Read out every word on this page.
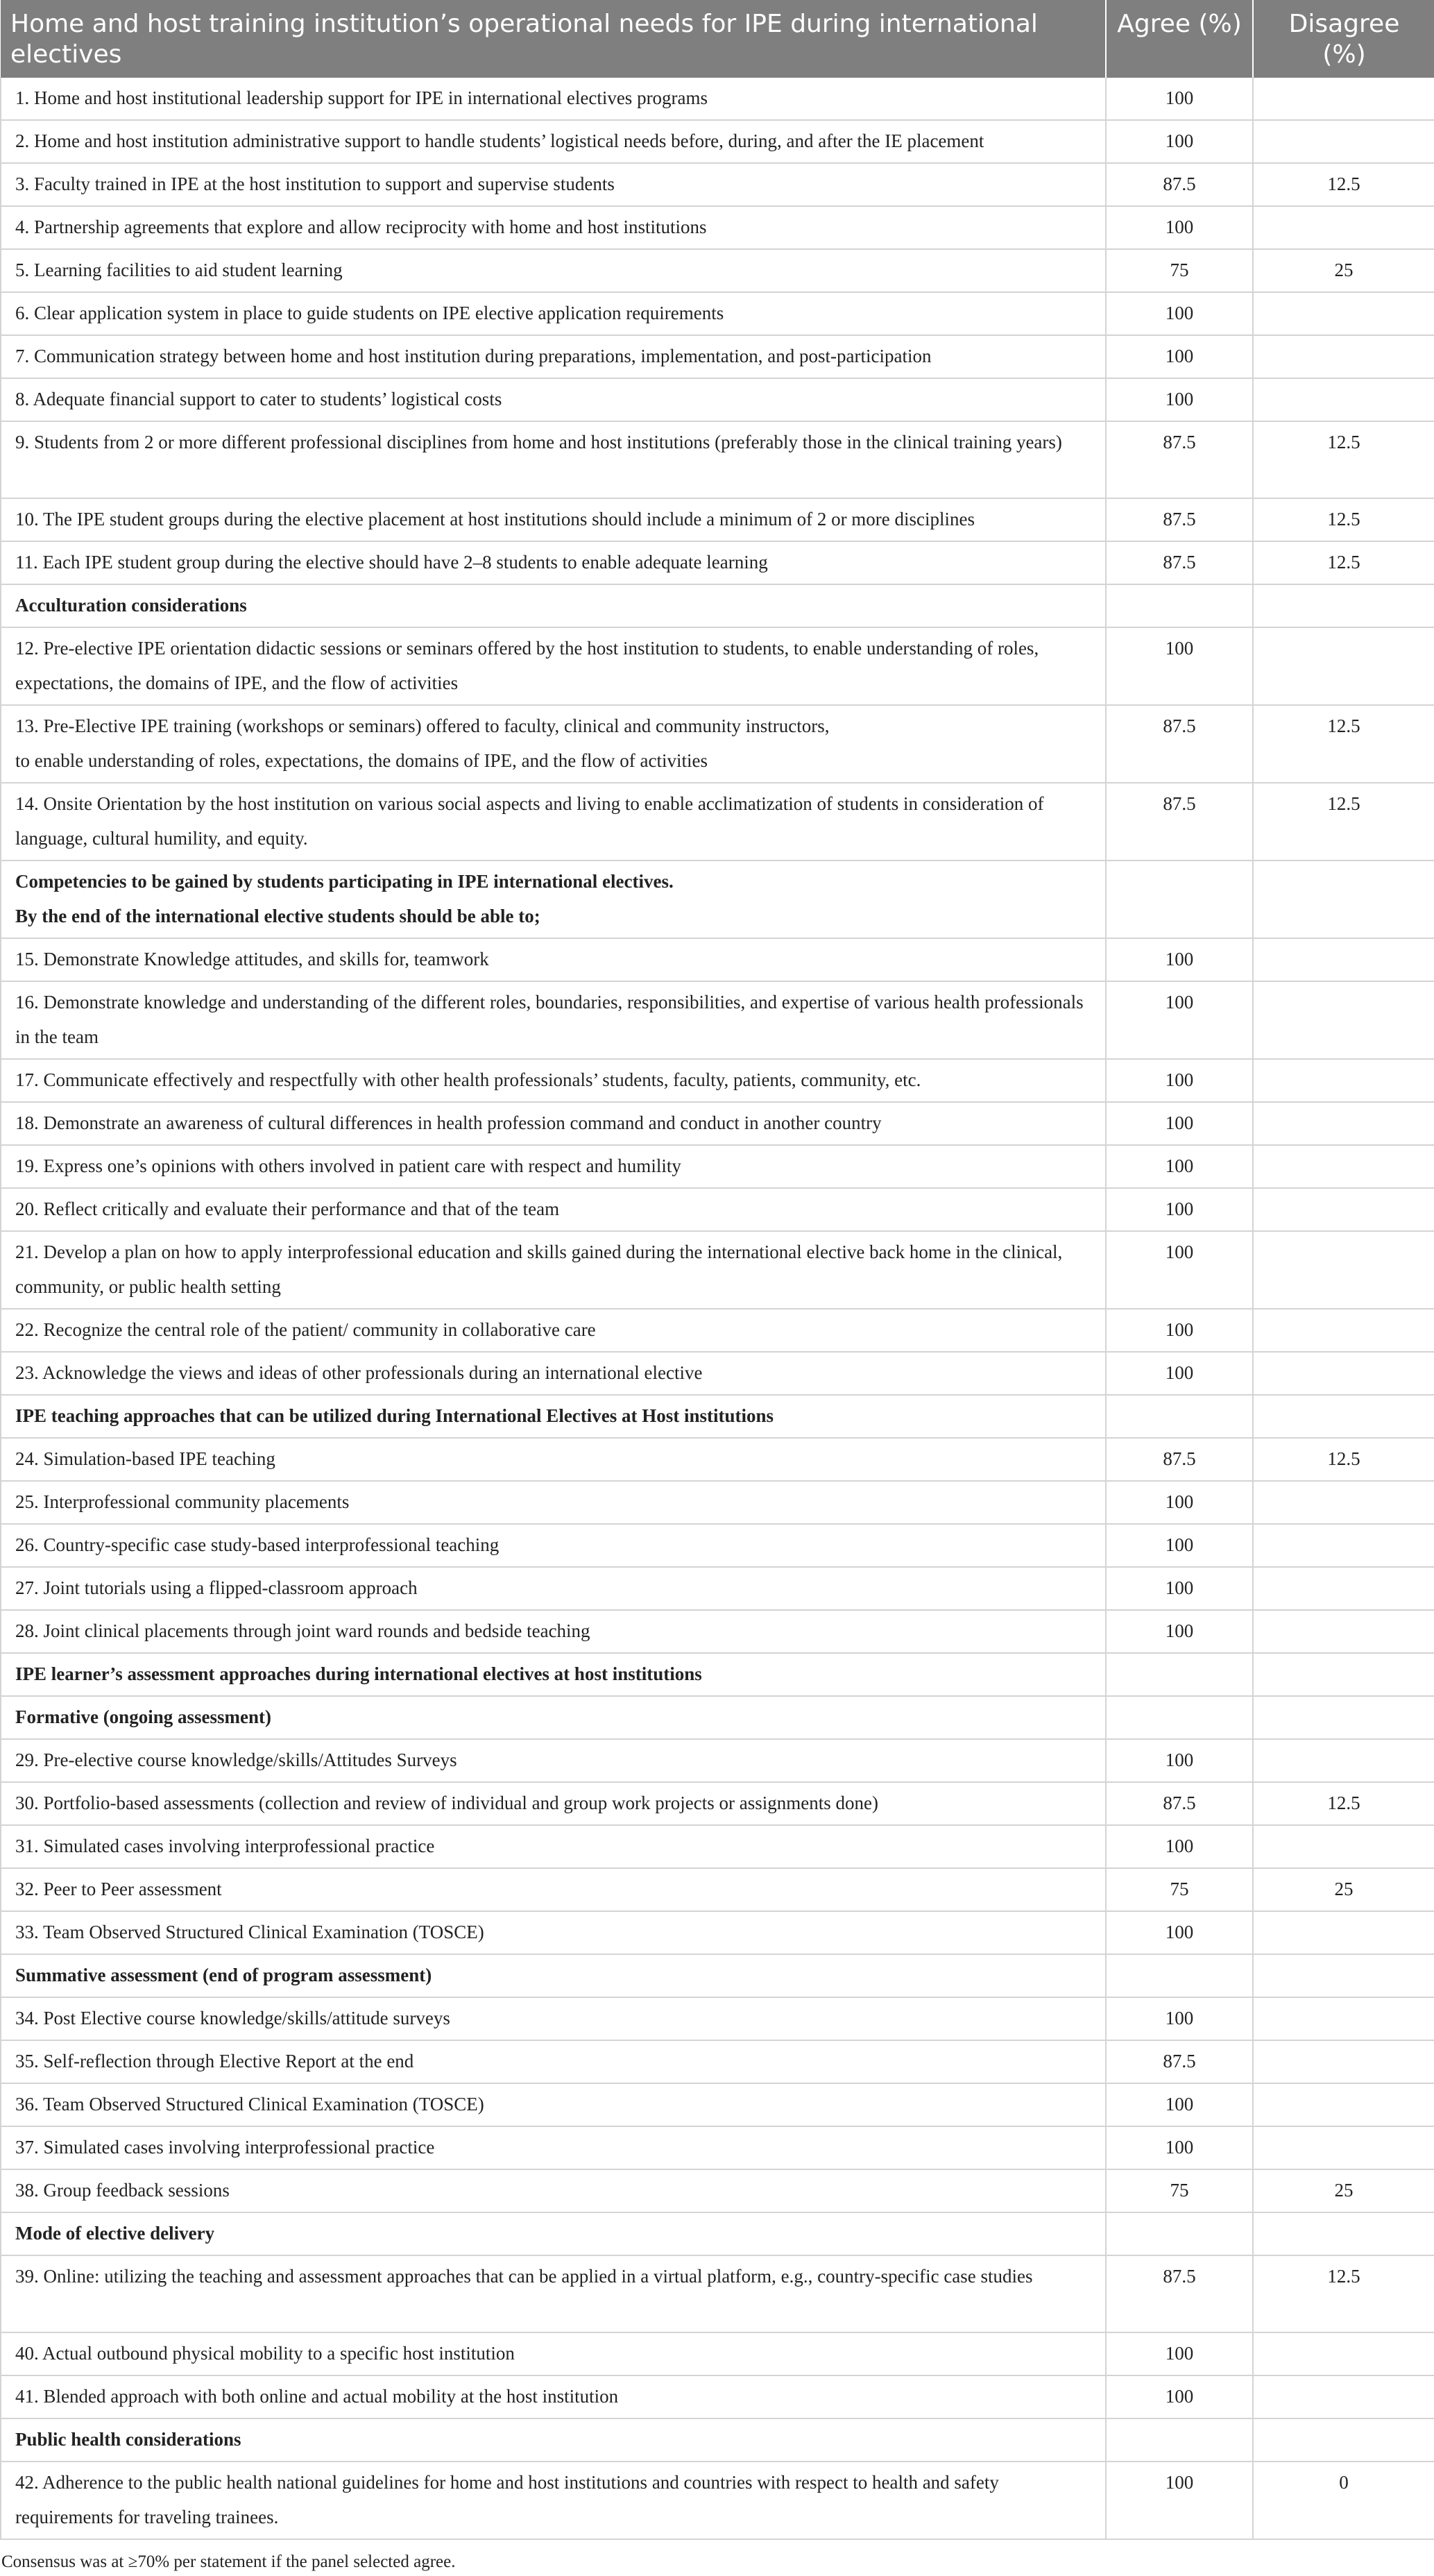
Home and host training institution’s operational needs for IPE during international electives	Agree (%)	Disagree (%)
1. Home and host institutional leadership support for IPE in international electives programs	100	
2. Home and host institution administrative support to handle students’ logistical needs before, during, and after the IE placement	100	
3. Faculty trained in IPE at the host institution to support and supervise students	87.5	12.5
4. Partnership agreements that explore and allow reciprocity with home and host institutions	100	
5. Learning facilities to aid student learning	75	25
6. Clear application system in place to guide students on IPE elective application requirements	100	
7. Communication strategy between home and host institution during preparations, implementation, and post-participation	100	
8. Adequate financial support to cater to students’ logistical costs	100	
9. Students from 2 or more different professional disciplines from home and host institutions (preferably those in the clinical training years)	87.5	12.5
10. The IPE student groups during the elective placement at host institutions should include a minimum of 2 or more disciplines	87.5	12.5
11. Each IPE student group during the elective should have 2–8 students to enable adequate learning	87.5	12.5
Acculturation considerations		
12. Pre-elective IPE orientation didactic sessions or seminars offered by the host institution to students, to enable understanding of roles, expectations, the domains of IPE, and the flow of activities	100	
13. Pre-Elective IPE training (workshops or seminars) offered to faculty, clinical and community instructors,
to enable understanding of roles, expectations, the domains of IPE, and the flow of activities	87.5	12.5
14. Onsite Orientation by the host institution on various social aspects and living to enable acclimatization of students in consideration of language, cultural humility, and equity.	87.5	12.5
Competencies to be gained by students participating in IPE international electives.
By the end of the international elective students should be able to;		
15. Demonstrate Knowledge attitudes, and skills for, teamwork	100	
16. Demonstrate knowledge and understanding of the different roles, boundaries, responsibilities, and expertise of various health professionals in the team	100	
17. Communicate effectively and respectfully with other health professionals’ students, faculty, patients, community, etc.	100	
18. Demonstrate an awareness of cultural differences in health profession command and conduct in another country	100	
19. Express one’s opinions with others involved in patient care with respect and humility	100	
20. Reflect critically and evaluate their performance and that of the team	100	
21. Develop a plan on how to apply interprofessional education and skills gained during the international elective back home in the clinical, community, or public health setting	100	
22. Recognize the central role of the patient/ community in collaborative care	100	
23. Acknowledge the views and ideas of other professionals during an international elective	100	
IPE teaching approaches that can be utilized during International Electives at Host institutions		
24. Simulation-based IPE teaching	87.5	12.5
25. Interprofessional community placements	100	
26. Country-specific case study-based interprofessional teaching	100	
27. Joint tutorials using a flipped-classroom approach	100	
28. Joint clinical placements through joint ward rounds and bedside teaching	100	
IPE learner’s assessment approaches during international electives at host institutions		
Formative (ongoing assessment)		
29. Pre-elective course knowledge/skills/Attitudes Surveys	100	
30. Portfolio-based assessments (collection and review of individual and group work projects or assignments done)	87.5	12.5
31. Simulated cases involving interprofessional practice	100	
32. Peer to Peer assessment	75	25
33. Team Observed Structured Clinical Examination (TOSCE)	100	
Summative assessment (end of program assessment)		
34. Post Elective course knowledge/skills/attitude surveys	100	
35. Self-reflection through Elective Report at the end	87.5	
36. Team Observed Structured Clinical Examination (TOSCE)	100	
37. Simulated cases involving interprofessional practice	100	
38. Group feedback sessions	75	25
Mode of elective delivery		
39. Online: utilizing the teaching and assessment approaches that can be applied in a virtual platform, e.g., country-specific case studies	87.5	12.5
40. Actual outbound physical mobility to a specific host institution	100	
41. Blended approach with both online and actual mobility at the host institution	100	
Public health considerations		
42. Adherence to the public health national guidelines for home and host institutions and countries with respect to health and safety requirements for traveling trainees.	100	0
Consensus was at ≥70% per statement if the panel selected agree.
